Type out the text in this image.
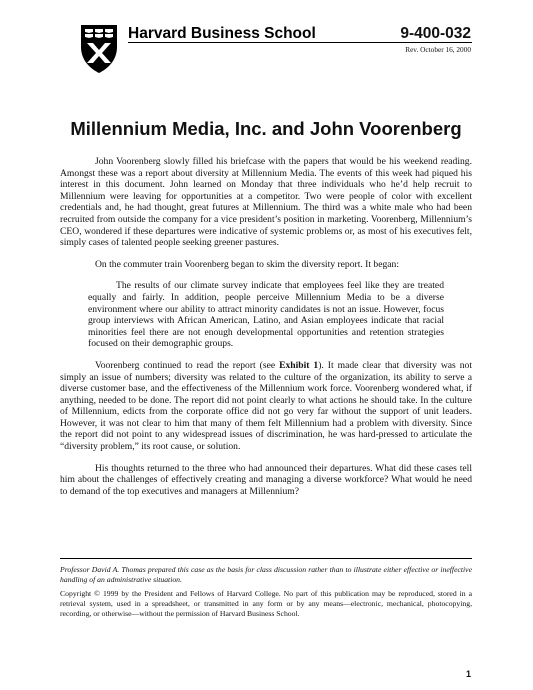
Harvard Business School	9-400-032
Rev. October 16, 2000
Millennium Media, Inc. and John Voorenberg

John Voorenberg slowly filled his briefcase with the papers that would be his weekend reading. Amongst these was a report about diversity at Millennium Media. The events of this week had piqued his interest in this document. John learned on Monday that three individuals who he’d help recruit to Millennium were leaving for opportunities at a competitor. Two were people of color with excellent credentials and, he had thought, great futures at Millennium. The third was a white male who had been recruited from outside the company for a vice president’s position in marketing. Voorenberg, Millennium’s CEO, wondered if these departures were indicative of systemic problems or, as most of his executives felt, simply cases of talented people seeking greener pastures.

On the commuter train Voorenberg began to skim the diversity report. It began:

The results of our climate survey indicate that employees feel like they are treated equally and fairly. In addition, people perceive Millennium Media to be a diverse environment where our ability to attract minority candidates is not an issue. However, focus group interviews with African American, Latino, and Asian employees indicate that racial minorities feel there are not enough developmental opportunities and retention strategies focused on their demographic groups.

Voorenberg continued to read the report (see Exhibit 1). It made clear that diversity was not simply an issue of numbers; diversity was related to the culture of the organization, its ability to serve a diverse customer base, and the effectiveness of the Millennium work force. Voorenberg wondered what, if anything, needed to be done. The report did not point clearly to what actions he should take. In the culture of Millennium, edicts from the corporate office did not go very far without the support of unit leaders. However, it was not clear to him that many of them felt Millennium had a problem with diversity. Since the report did not point to any widespread issues of discrimination, he was hard-pressed to articulate the “diversity problem,” its root cause, or solution.

His thoughts returned to the three who had announced their departures. What did these cases tell him about the challenges of effectively creating and managing a diverse workforce? What would he need to demand of the top executives and managers at Millennium?

Professor David A. Thomas prepared this case as the basis for class discussion rather than to illustrate either effective or ineffective handling of an administrative situation.

Copyright © 1999 by the President and Fellows of Harvard College. No part of this publication may be reproduced, stored in a retrieval system, used in a spreadsheet, or transmitted in any form or by any means—electronic, mechanical, photocopying, recording, or otherwise—without the permission of Harvard Business School.

1
